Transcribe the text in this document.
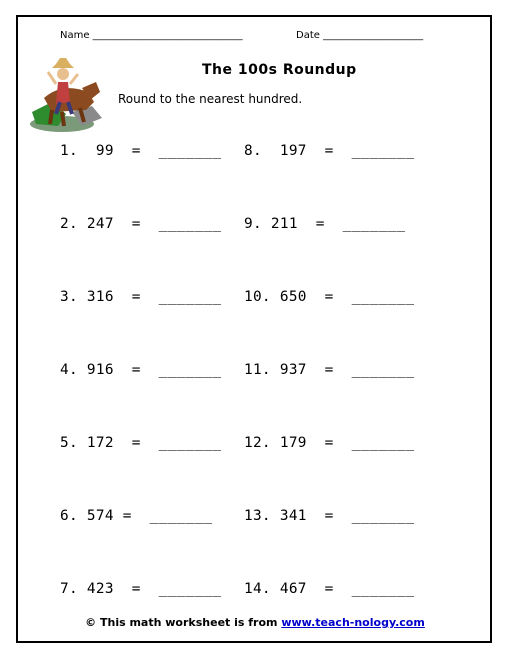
Name ______________________________	Date ____________________
The 100s Roundup
Round to the nearest hundred.
1.  99  =  _______
2. 247  =  _______
3. 316  =  _______
4. 916  =  _______
5. 172  =  _______
6. 574 =  _______
7. 423  =  _______
8.  197  =  _______
9. 211  =  _______
10. 650  =  _______
11. 937  =  _______
12. 179  =  _______
13. 341  =  _______
14. 467  =  _______
© This math worksheet is from www.teach-nology.com
